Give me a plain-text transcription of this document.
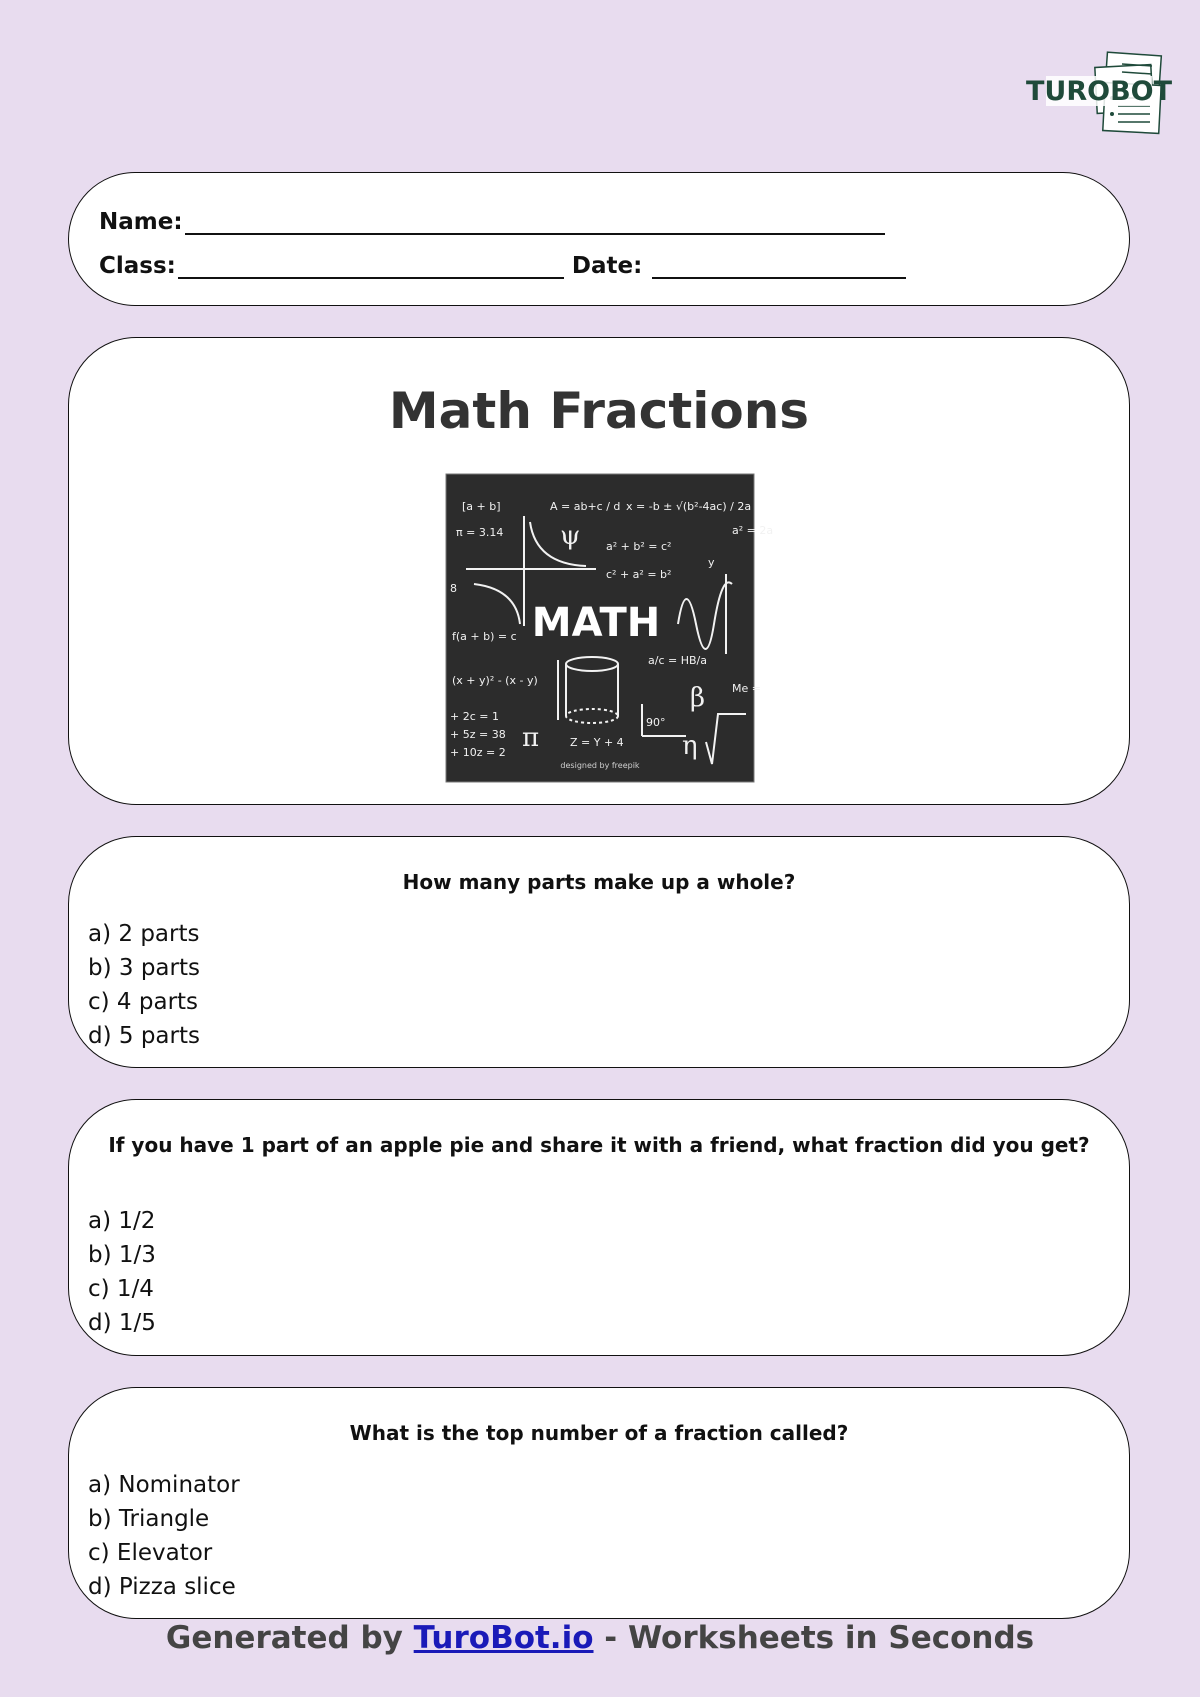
TUROBOT
Name:
Class:	Date:
Math Fractions
[a + b]	A = ab+c / d x = -b ± √(b²-4ac) / 2a
π = 3.14
a² + b² = c²
c² + a² = b²
8
f(a + b) = c
(x + y)² - (x - y)
+ 2c = 1
+ 5z = 38
+ 10z = 2
Z = Y + 4
a/c = HB/a
Me =
a² = 2a
90°
y
π
β
η
ψ
MATH
designed by freepik
How many parts make up a whole?
a) 2 parts
b) 3 parts
c) 4 parts
d) 5 parts
If you have 1 part of an apple pie and share it with a friend, what fraction did you get?
a) 1/2
b) 1/3
c) 1/4
d) 1/5
What is the top number of a fraction called?
a) Nominator
b) Triangle
c) Elevator
d) Pizza slice
Generated by TuroBot.io - Worksheets in Seconds
